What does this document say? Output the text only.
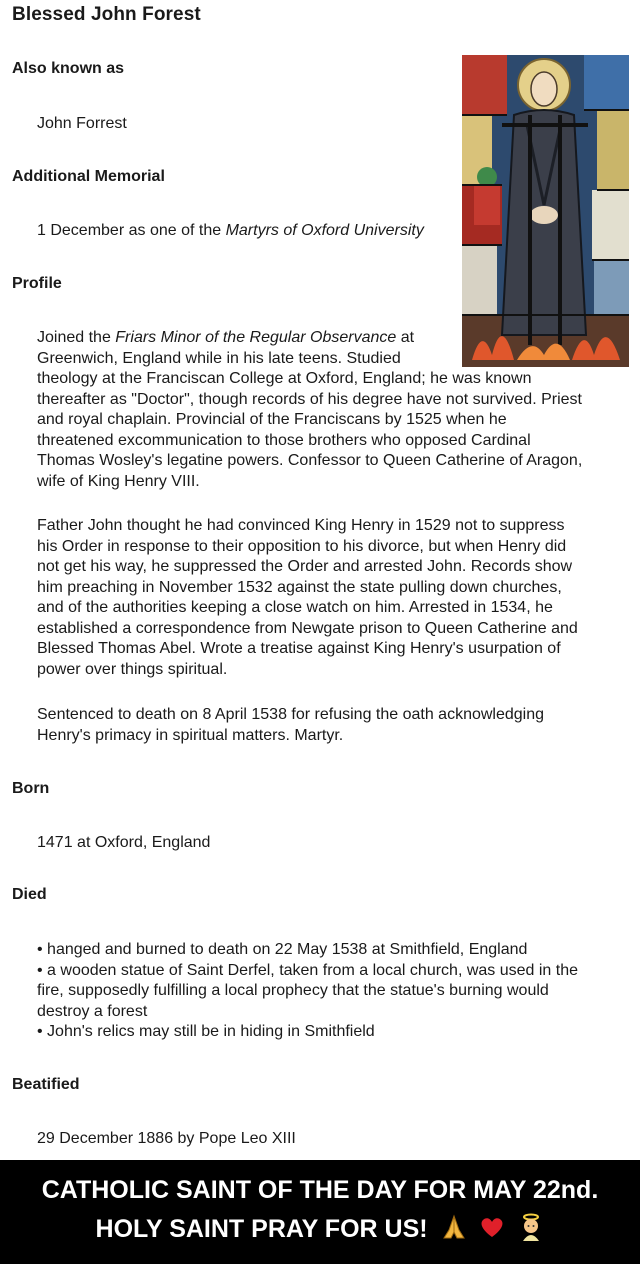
Blessed John Forest
Also known as
John Forrest
Additional Memorial
1 December as one of the Martyrs of Oxford University
Profile
Joined the Friars Minor of the Regular Observance at
Greenwich, England while in his late teens. Studied
theology at the Franciscan College at Oxford, England; he was known
thereafter as "Doctor", though records of his degree have not survived. Priest
and royal chaplain. Provincial of the Franciscans by 1525 when he
threatened excommunication to those brothers who opposed Cardinal
Thomas Wosley's legatine powers. Confessor to Queen Catherine of Aragon,
wife of King Henry VIII.
Father John thought he had convinced King Henry in 1529 not to suppress
his Order in response to their opposition to his divorce, but when Henry did
not get his way, he suppressed the Order and arrested John. Records show
him preaching in November 1532 against the state pulling down churches,
and of the authorities keeping a close watch on him. Arrested in 1534, he
established a correspondence from Newgate prison to Queen Catherine and
Blessed Thomas Abel. Wrote a treatise against King Henry's usurpation of
power over things spiritual.
Sentenced to death on 8 April 1538 for refusing the oath acknowledging
Henry's primacy in spiritual matters. Martyr.
Born
1471 at Oxford, England
Died
• hanged and burned to death on 22 May 1538 at Smithfield, England
• a wooden statue of Saint Derfel, taken from a local church, was used in the
fire, supposedly fulfilling a local prophecy that the statue's burning would
destroy a forest
• John's relics may still be in hiding in Smithfield
Beatified
29 December 1886 by Pope Leo XIII
CATHOLIC SAINT OF THE DAY FOR MAY 22nd.
HOLY SAINT PRAY FOR US!
